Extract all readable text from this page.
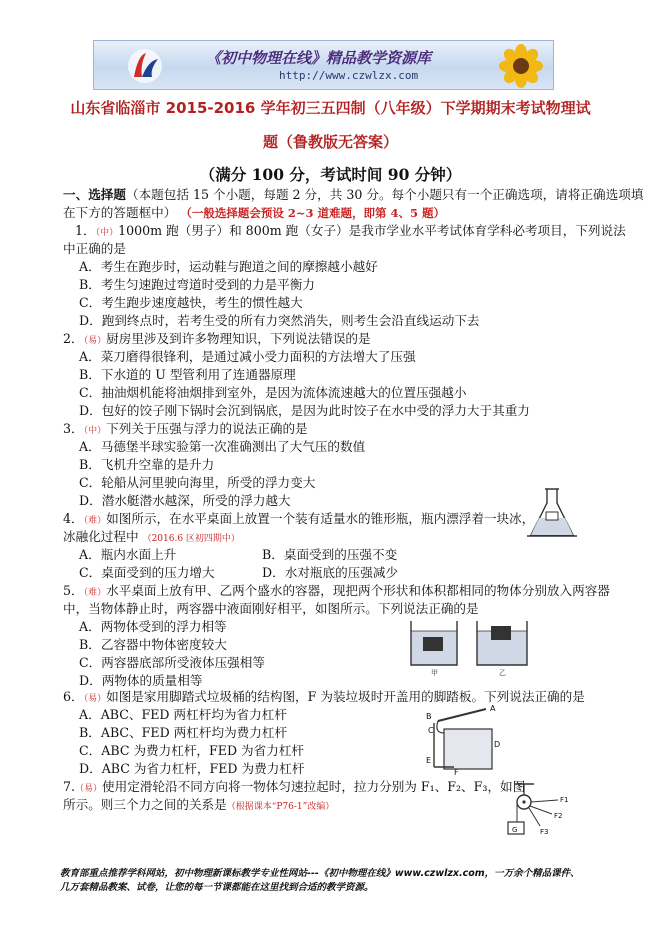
《初中物理在线》精品教学资源库
http://www.czwlzx.com
山东省临淄市 2015-2016 学年初三五四制（八年级）下学期期末考试物理试
题（鲁教版无答案）
（满分 100 分，考试时间 90 分钟）
一、选择题（本题包括 15 个小题，每题 2 分，共 30 分。每个小题只有一个正确选项，请将正确选项填
在下方的答题框中） （一般选择题会预设 2~3 道难题，即第 4、5 题）
1．（中）1000m 跑（男子）和 800m 跑（女子）是我市学业水平考试体育学科必考项目，下列说法
中正确的是
A．考生在跑步时，运动鞋与跑道之间的摩擦越小越好
B．考生匀速跑过弯道时受到的力是平衡力
C．考生跑步速度越快，考生的惯性越大
D．跑到终点时，若考生受的所有力突然消失，则考生会沿直线运动下去
2．（易）厨房里涉及到许多物理知识，下列说法错误的是
A．菜刀磨得很锋利，是通过减小受力面积的方法增大了压强
B．下水道的 U 型管利用了连通器原理
C．抽油烟机能将油烟排到室外，是因为流体流速越大的位置压强越小
D．包好的饺子刚下锅时会沉到锅底，是因为此时饺子在水中受的浮力大于其重力
3．（中）下列关于压强与浮力的说法正确的是
A．马德堡半球实验第一次准确测出了大气压的数值
B．飞机升空靠的是升力
C．轮船从河里驶向海里，所受的浮力变大
D．潜水艇潜水越深，所受的浮力越大
4．（难）如图所示，在水平桌面上放置一个装有适量水的锥形瓶，瓶内漂浮着一块冰，
冰融化过程中 （2016.6 区初四期中）
A．瓶内水面上升	B．桌面受到的压强不变
C．桌面受到的压力增大	D．水对瓶底的压强减少
5．（难）水平桌面上放有甲、乙两个盛水的容器，现把两个形状和体积都相同的物体分别放入两容器
中，当物体静止时，两容器中液面刚好相平，如图所示。下列说法正确的是
A．两物体受到的浮力相等
B．乙容器中物体密度较大
C．两容器底部所受液体压强相等
D．两物体的质量相等	甲	乙
6．（易）如图是家用脚踏式垃圾桶的结构图，F 为装垃圾时开盖用的脚踏板。下列说法正确的是
A．ABC、FED 两杠杆均为省力杠杆
B．ABC、FED 两杠杆均为费力杠杆
C．ABC 为费力杠杆，FED 为省力杠杆
D．ABC 为省力杠杆，FED 为费力杠杆
A
B
C
D
E
F
7.（易）使用定滑轮沿不同方向将一物体匀速拉起时，拉力分别为 F₁、F₂、F₃，如图
所示。则三个力之间的关系是（根据课本“P76-1”改编）
F1
F2
F3
G
教育部重点推荐学科网站，初中物理新课标教学专业性网站---《初中物理在线》www.czwlzx.com，一万余个精品课件、
几万套精品教案、试卷，让您的每一节课都能在这里找到合适的教学资源。
